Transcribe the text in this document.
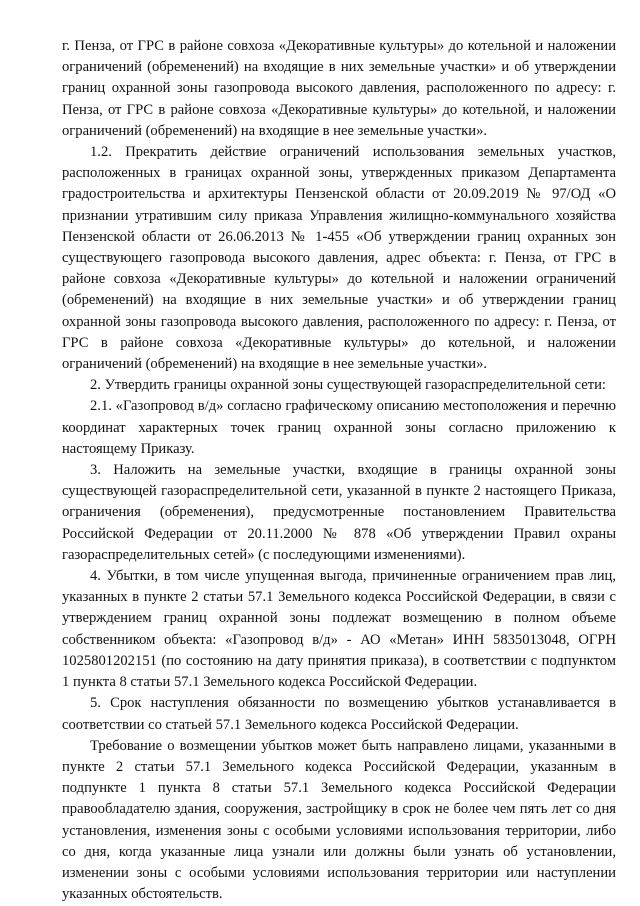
г. Пенза, от ГРС в районе совхоза «Декоративные культуры» до котельной и наложении ограничений (обременений) на входящие в них земельные участки» и об утверждении границ охранной зоны газопровода высокого давления, расположенного по адресу: г. Пенза, от ГРС в районе совхоза «Декоративные культуры» до котельной, и наложении ограничений (обременений) на входящие в нее земельные участки».

1.2. Прекратить действие ограничений использования земельных участков, расположенных в границах охранной зоны, утвержденных приказом Департамента градостроительства и архитектуры Пензенской области от 20.09.2019 № 97/ОД «О признании утратившим силу приказа Управления жилищно-коммунального хозяйства Пензенской области от 26.06.2013 № 1-455 «Об утверждении границ охранных зон существующего газопровода высокого давления, адрес объекта: г. Пенза, от ГРС в районе совхоза «Декоративные культуры» до котельной и наложении ограничений (обременений) на входящие в них земельные участки» и об утверждении границ охранной зоны газопровода высокого давления, расположенного по адресу: г. Пенза, от ГРС в районе совхоза «Декоративные культуры» до котельной, и наложении ограничений (обременений) на входящие в нее земельные участки».

2. Утвердить границы охранной зоны существующей газораспределительной сети:

2.1. «Газопровод в/д» согласно графическому описанию местоположения и перечню координат характерных точек границ охранной зоны согласно приложению к настоящему Приказу.

3. Наложить на земельные участки, входящие в границы охранной зоны существующей газораспределительной сети, указанной в пункте 2 настоящего Приказа, ограничения (обременения), предусмотренные постановлением Правительства Российской Федерации от 20.11.2000 № 878 «Об утверждении Правил охраны газораспределительных сетей» (с последующими изменениями).

4. Убытки, в том числе упущенная выгода, причиненные ограничением прав лиц, указанных в пункте 2 статьи 57.1 Земельного кодекса Российской Федерации, в связи с утверждением границ охранной зоны подлежат возмещению в полном объеме собственником объекта: «Газопровод в/д» - АО «Метан» ИНН 5835013048, ОГРН 1025801202151 (по состоянию на дату принятия приказа), в соответствии с подпунктом 1 пункта 8 статьи 57.1 Земельного кодекса Российской Федерации.

5. Срок наступления обязанности по возмещению убытков устанавливается в соответствии со статьей 57.1 Земельного кодекса Российской Федерации.

Требование о возмещении убытков может быть направлено лицами, указанными в пункте 2 статьи 57.1 Земельного кодекса Российской Федерации, указанным в подпункте 1 пункта 8 статьи 57.1 Земельного кодекса Российской Федерации правообладателю здания, сооружения, застройщику в срок не более чем пять лет со дня установления, изменения зоны с особыми условиями использования территории, либо со дня, когда указанные лица узнали или должны были узнать об установлении, изменении зоны с особыми условиями использования территории или наступлении указанных обстоятельств.
